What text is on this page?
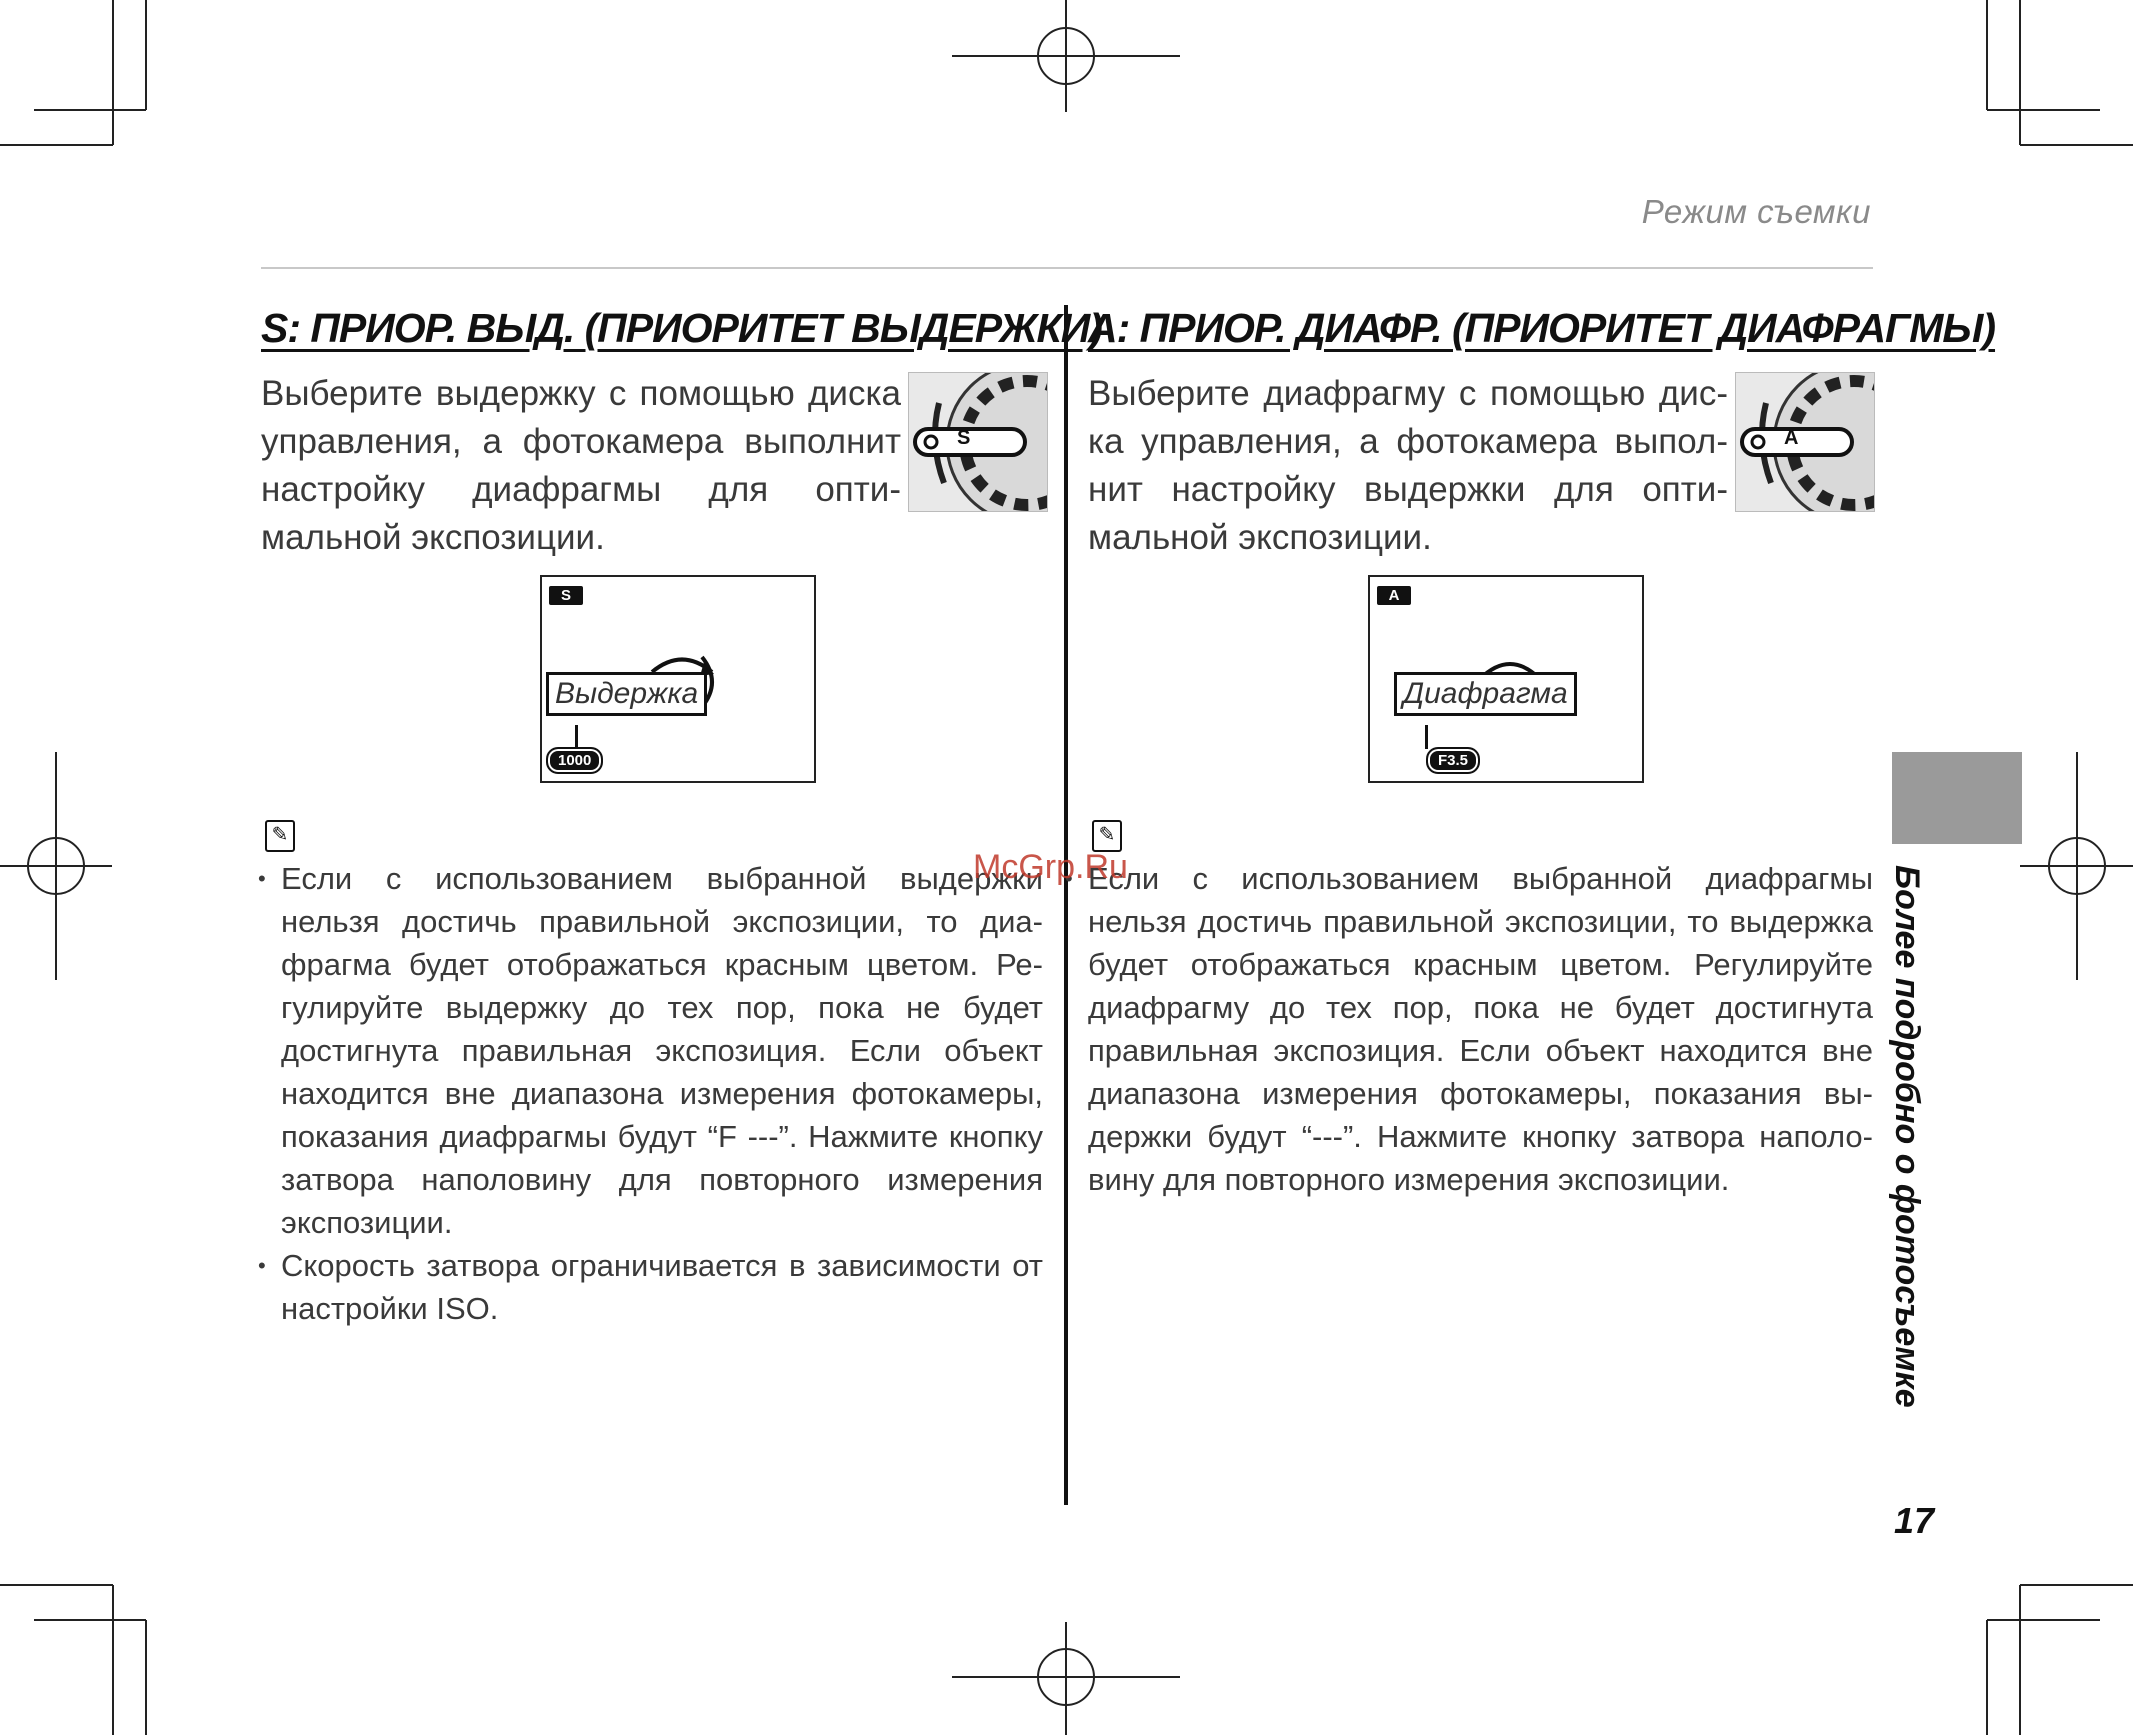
Режим съемки
S: ПРИОР. ВЫД. (ПРИОРИТЕТ ВЫДЕРЖКИ)

Выберите выдержку с помощью диска управления, а фотокамера выполнит настройку диафрагмы для оптимальной экспозиции.

S
S
Выдержка
1000
✎
• Если с использованием выбранной выдержки нельзя достичь правильной экспозиции, то диафрагма будет отображаться красным цветом. Регулируйте выдержку до тех пор, пока не будет достигнута правильная экспозиция. Если объект находится вне диапазона измерения фотокамеры, показания диафрагмы будут “F ---”. Нажмите кнопку затвора наполовину для повторного измерения экспозиции.
• Скорость затвора ограничивается в зависимости от настройки ISO.
A: ПРИОР. ДИАФР. (ПРИОРИТЕТ ДИАФРАГМЫ)

Выберите диафрагму с помощью диска управления, а фотокамера выполнит настройку выдержки для оптимальной экспозиции.

A
A
Диафрагма
F3.5
✎
• Если с использованием выбранной диафрагмы нельзя достичь правильной экспозиции, то выдержка будет отображаться красным цветом. Регулируйте диафрагму до тех пор, пока не будет достигнута правильная экспозиция. Если объект находится вне диапазона измерения фотокамеры, показания выдержки будут “---”. Нажмите кнопку затвора наполовину для повторного измерения экспозиции.	Более подробно о фотосъемке
17
McGrp.Ru
